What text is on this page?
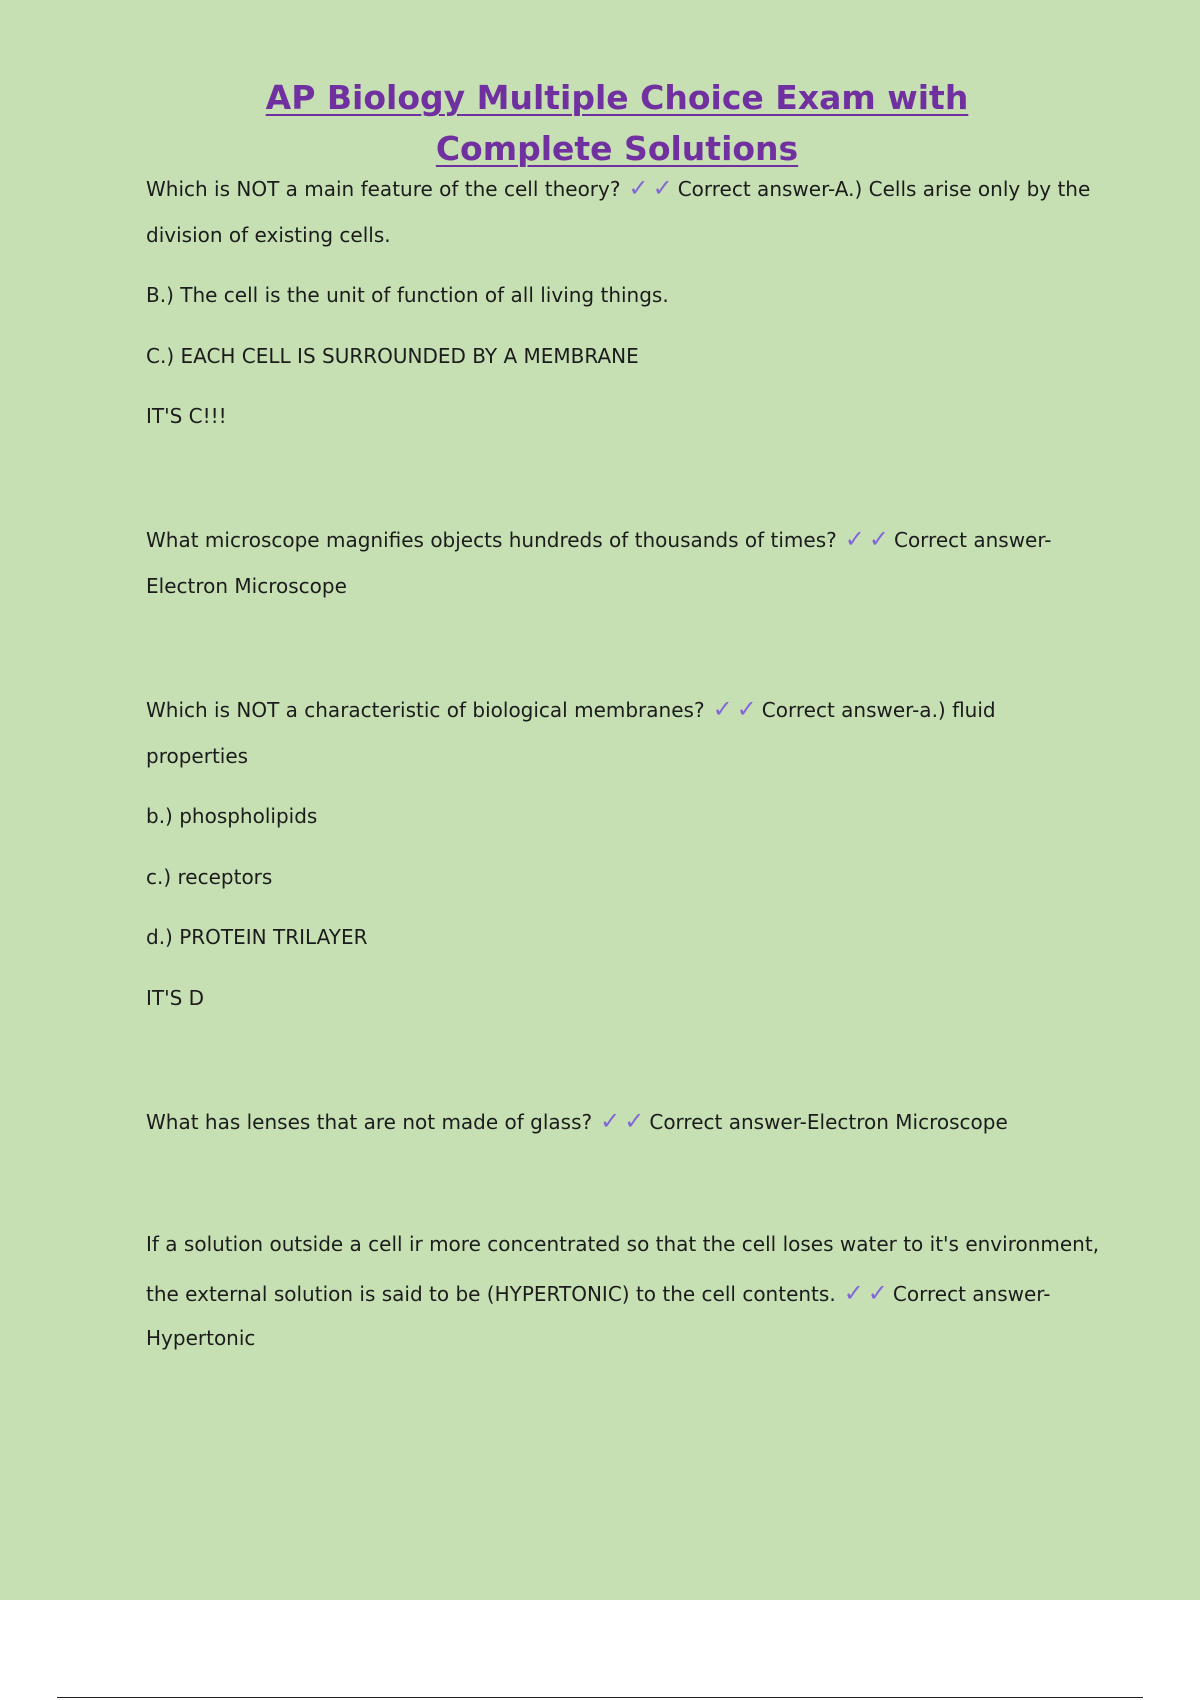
AP Biology Multiple Choice Exam with Complete Solutions

Which is NOT a main feature of the cell theory? ✓ ✓ Correct answer-A.) Cells arise only by the

division of existing cells.

B.) The cell is the unit of function of all living things.

C.) EACH CELL IS SURROUNDED BY A MEMBRANE

IT'S C!!!

What microscope magnifies objects hundreds of thousands of times? ✓ ✓ Correct answer-

Electron Microscope

Which is NOT a characteristic of biological membranes? ✓ ✓ Correct answer-a.) fluid

properties

b.) phospholipids

c.) receptors

d.) PROTEIN TRILAYER

IT'S D

What has lenses that are not made of glass? ✓ ✓ Correct answer-Electron Microscope

If a solution outside a cell ir more concentrated so that the cell loses water to it's environment,

the external solution is said to be (HYPERTONIC) to the cell contents. ✓ ✓ Correct answer-

Hypertonic
